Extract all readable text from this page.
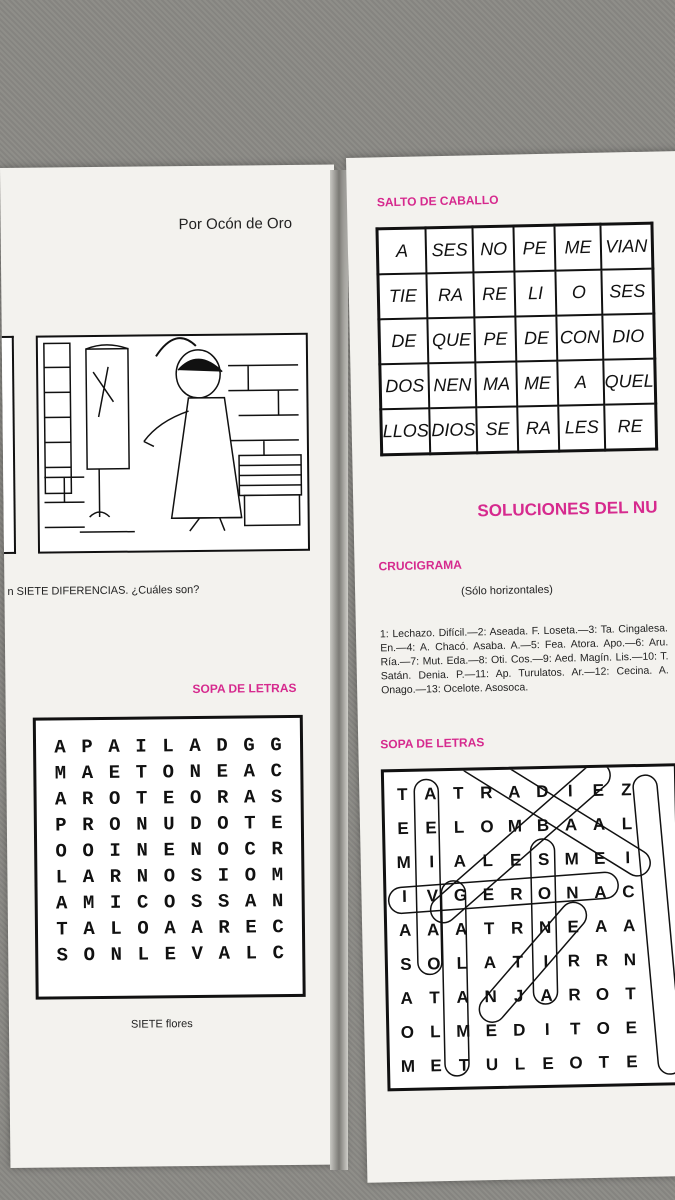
Por Ocón de Oro
n SIETE DIFERENCIAS. ¿Cuáles son?
SOPA DE LETRAS
A P A I L A D G G
M A E T O N E A C
A R O T E O R A S
P R O N U D O T E
O O I N E N O C R
L A R N O S I O M
A M I C O S S A N
T A L O A A R E C
S O N L E V A L C
SIETE flores
SALTO DE CABALLO
A	SES	NO	PE	ME	VIAN
TIE	RA	RE	LI	O	SES
DE	QUE	PE	DE	CON	DIO
DOS	NEN	MA	ME	A	QUEL
LLOS	DIOS	SE	RA	LES	RE
SOLUCIONES DEL NU
CRUCIGRAMA
(Sólo horizontales)
1: Lechazo. Difícil.—2: Aseada. F. Loseta.—3: Ta. Cingalesa. En.—4: A. Chacó. Asaba. A.—5: Fea. Atora. Apo.—6: Aru. Ría.—7: Mut. Eda.—8: Oti. Cos.—9: Aed. Magín. Lis.—10: T. Satán. Denia. P.—11: Ap. Turulatos. Ar.—12: Cecina. A. Onago.—13: Ocelote. Asosoca.
SOPA DE LETRAS
T A T R A D	I	E Z
E E L O M B A A L
M	I	A L E S M E	I
I	V G E R O N A C
A A A T R N E A A
S O L A T	I	R R N
A T A N J A R O T
O L M E D	I	T O E
M E T U L E O T E
